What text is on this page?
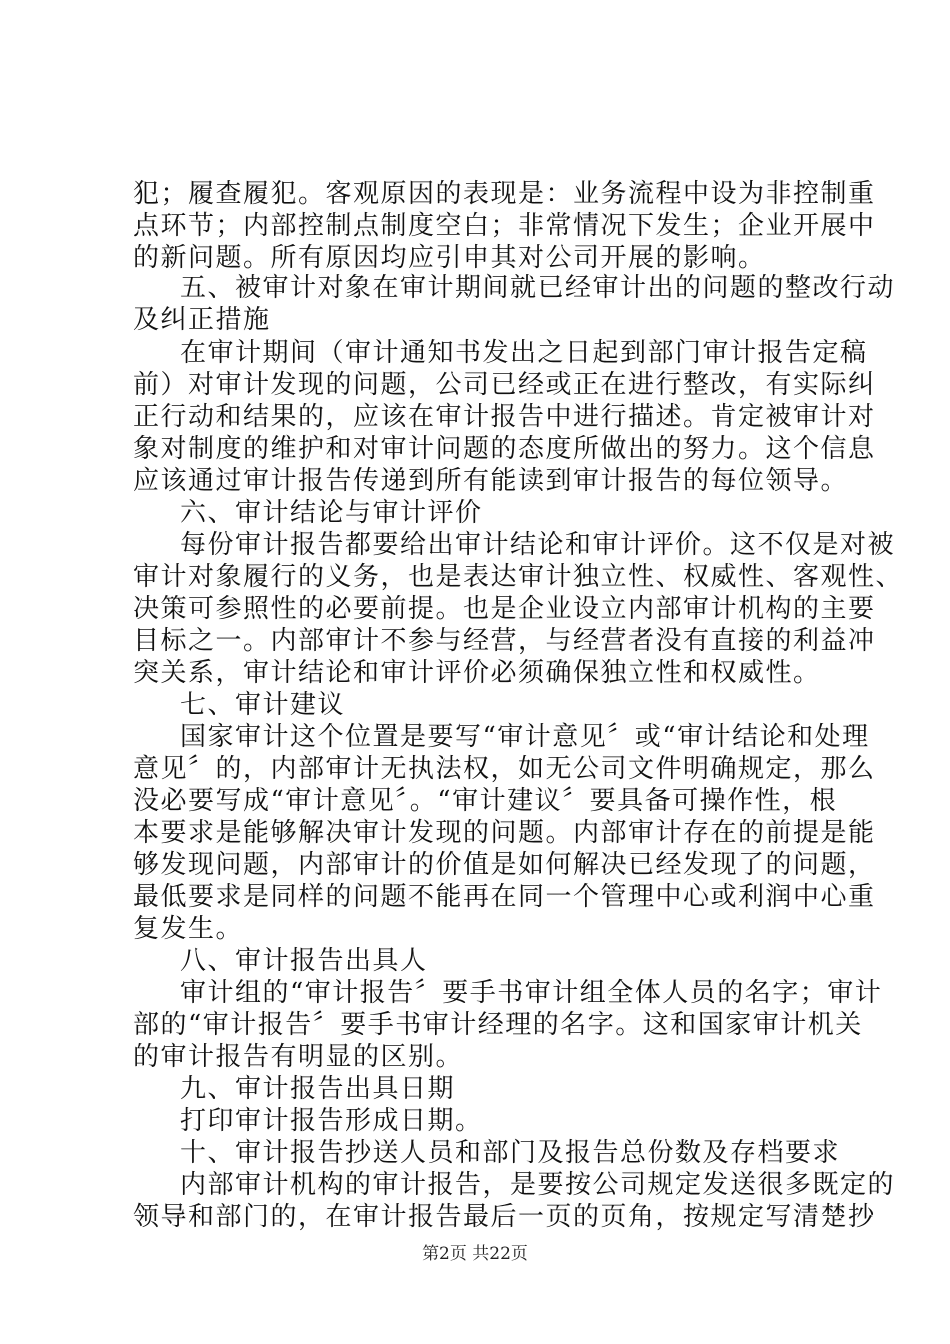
犯；履查履犯。客观原因的表现是：业务流程中设为非控制重
点环节；内部控制点制度空白；非常情况下发生；企业开展中
的新问题。所有原因均应引申其对公司开展的影响。
五、被审计对象在审计期间就已经审计出的问题的整改行动
及纠正措施
在审计期间（审计通知书发出之日起到部门审计报告定稿
前）对审计发现的问题，公司已经或正在进行整改，有实际纠
正行动和结果的，应该在审计报告中进行描述。肯定被审计对
象对制度的维护和对审计问题的态度所做出的努力。这个信息
应该通过审计报告传递到所有能读到审计报告的每位领导。
六、审计结论与审计评价
每份审计报告都要给出审计结论和审计评价。这不仅是对被
审计对象履行的义务，也是表达审计独立性、权威性、客观性、
决策可参照性的必要前提。也是企业设立内部审计机构的主要
目标之一。内部审计不参与经营，与经营者没有直接的利益冲
突关系，审计结论和审计评价必须确保独立性和权威性。
七、审计建议
国家审计这个位置是要写“审计意见〞或“审计结论和处理
意见〞的，内部审计无执法权，如无公司文件明确规定，那么
没必要写成“审计意见〞。“审计建议〞要具备可操作性，根
本要求是能够解决审计发现的问题。内部审计存在的前提是能
够发现问题，内部审计的价值是如何解决已经发现了的问题，
最低要求是同样的问题不能再在同一个管理中心或利润中心重
复发生。
八、审计报告出具人
审计组的“审计报告〞要手书审计组全体人员的名字；审计
部的“审计报告〞要手书审计经理的名字。这和国家审计机关
的审计报告有明显的区别。
九、审计报告出具日期
打印审计报告形成日期。
十、审计报告抄送人员和部门及报告总份数及存档要求
内部审计机构的审计报告，是要按公司规定发送很多既定的
领导和部门的，在审计报告最后一页的页角，按规定写清楚抄
第2页 共22页
